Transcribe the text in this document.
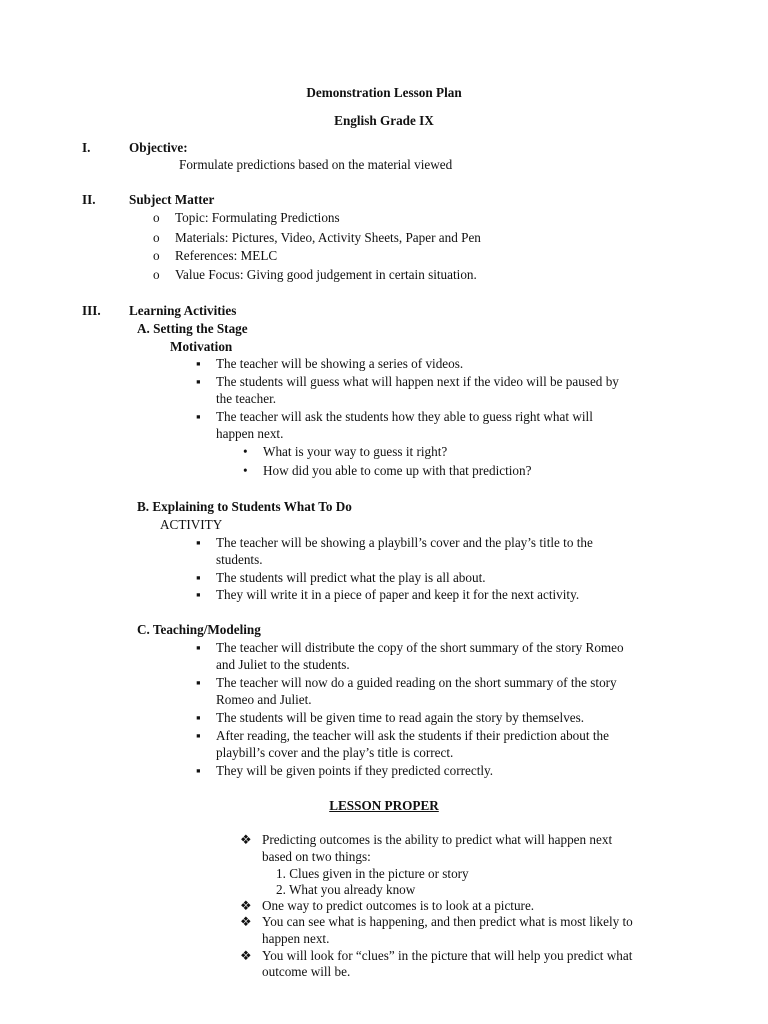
Demonstration Lesson Plan
English Grade IX
I.	Objective:
Formulate predictions based on the material viewed
II.	Subject Matter
o Topic: Formulating Predictions
o Materials: Pictures, Video, Activity Sheets, Paper and Pen
o References: MELC
o Value Focus: Giving good judgement in certain situation.
III. Learning Activities
A. Setting the Stage
Motivation
▪ The teacher will be showing a series of videos.
▪ The students will guess what will happen next if the video will be paused by
the teacher.
▪ The teacher will ask the students how they able to guess right what will
happen next.
• What is your way to guess it right?
• How did you able to come up with that prediction?
B. Explaining to Students What To Do
ACTIVITY
▪ The teacher will be showing a playbill’s cover and the play’s title to the
students.
▪ The students will predict what the play is all about.
▪ They will write it in a piece of paper and keep it for the next activity.
C. Teaching/Modeling
▪ The teacher will distribute the copy of the short summary of the story Romeo
and Juliet to the students.
▪ The teacher will now do a guided reading on the short summary of the story
Romeo and Juliet.
▪ The students will be given time to read again the story by themselves.
▪ After reading, the teacher will ask the students if their prediction about the
playbill’s cover and the play’s title is correct.
▪ They will be given points if they predicted correctly.
LESSON PROPER
❖ Predicting outcomes is the ability to predict what will happen next
based on two things:
1. Clues given in the picture or story
2. What you already know
❖ One way to predict outcomes is to look at a picture.
❖ You can see what is happening, and then predict what is most likely to
happen next.
❖ You will look for “clues” in the picture that will help you predict what
outcome will be.
